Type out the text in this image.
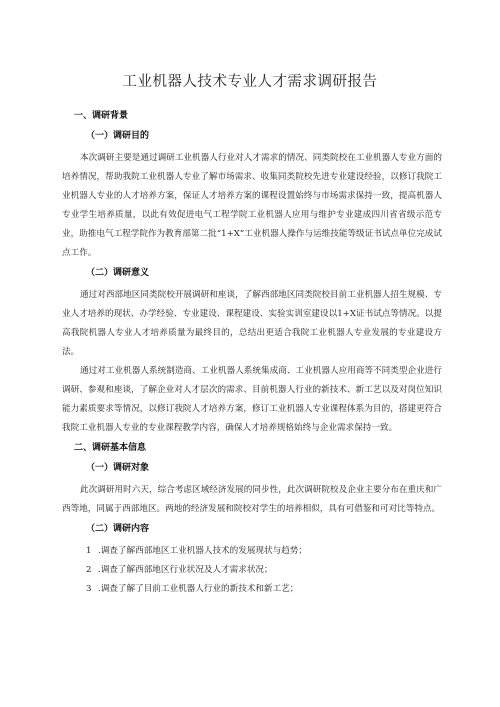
工业机器人技术专业人才需求调研报告
一、调研背景
（一）调研目的

本次调研主要是通过调研工业机器人行业对人才需求的情况、同类院校在工业机器人专业方面的培养情况，帮助我院工业机器人专业了解市场需求、收集同类院校先进专业建设经验，以修订我院工业机器人专业的人才培养方案，保证人才培养方案的课程设置始终与市场需求保持一致，提高机器人专业学生培养质量，以此有效促进电气工程学院工业机器人应用与维护专业建成四川省省级示范专业，助推电气工程学院作为教育部第二批“1+X”工业机器人操作与运维技能等级证书试点单位完成试点工作。

（二）调研意义

通过对西部地区同类院校开展调研和座谈，了解西部地区同类院校目前工业机器人招生规模、专业人才培养的现状、办学经验、专业建设、课程建设、实验实训室建设以1+X证书试点等情况。以提高我院机器人专业人才培养质量为最终目的，总结出更适合我院工业机器人专业发展的专业建设方法。

通过对工业机器人系统制造商、工业机器人系统集成商、工业机器人应用商等不同类型企业进行调研、参观和座谈，了解企业对人才层次的需求、目前机器人行业的新技术、新工艺以及对岗位知识能力素质要求等情况，以修订我院人才培养方案，修订工业机器人专业课程体系为目的，搭建更符合我院工业机器人专业的专业课程教学内容，确保人才培养规格始终与企业需求保持一致。

二、调研基本信息
（一）调研对象

此次调研用时六天，综合考虑区域经济发展的同步性，此次调研院校及企业主要分布在重庆和广西等地，同属于西部地区。两地的经济发展和院校对学生的培养相似，具有可借鉴和可对比等特点。

（二）调研内容
1 .调查了解西部地区工业机器人技术的发展现状与趋势；
2 .调查了解西部地区行业状况及人才需求状况；
3 .调查了解了目前工业机器人行业的新技术和新工艺；
